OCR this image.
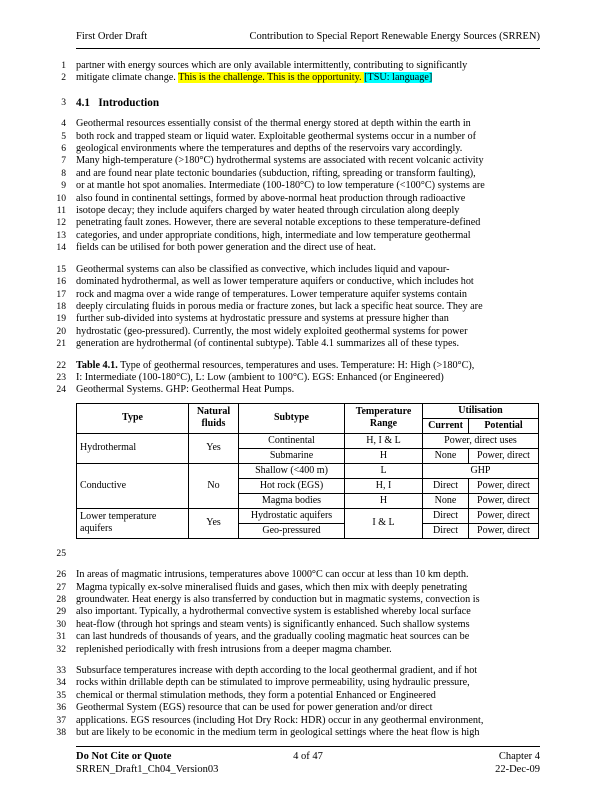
First Order Draft	Contribution to Special Report Renewable Energy Sources (SRREN)
1 partner with energy sources which are only available intermittently, contributing to significantly
2 mitigate climate change. This is the challenge. This is the opportunity. [TSU: language]
3 4.1   Introduction
4 Geothermal resources essentially consist of the thermal energy stored at depth within the earth in
5 both rock and trapped steam or liquid water. Exploitable geothermal systems occur in a number of
6 geological environments where the temperatures and depths of the reservoirs vary accordingly.
7 Many high-temperature (>180°C) hydrothermal systems are associated with recent volcanic activity
8 and are found near plate tectonic boundaries (subduction, rifting, spreading or transform faulting),
9 or at mantle hot spot anomalies. Intermediate (100-180°C) to low temperature (<100°C) systems are
10 also found in continental settings, formed by above-normal heat production through radioactive
11 isotope decay; they include aquifers charged by water heated through circulation along deeply
12 penetrating fault zones. However, there are several notable exceptions to these temperature-defined
13 categories, and under appropriate conditions, high, intermediate and low temperature geothermal
14 fields can be utilised for both power generation and the direct use of heat.
15 Geothermal systems can also be classified as convective, which includes liquid and vapour-
16 dominated hydrothermal, as well as lower temperature aquifers or conductive, which includes hot
17 rock and magma over a wide range of temperatures. Lower temperature aquifer systems contain
18 deeply circulating fluids in porous media or fracture zones, but lack a specific heat source. They are
19 further sub-divided into systems at hydrostatic pressure and systems at pressure higher than
20 hydrostatic (geo-pressured). Currently, the most widely exploited geothermal systems for power
21 generation are hydrothermal (of continental subtype). Table 4.1 summarizes all of these types.
22 Table 4.1. Type of geothermal resources, temperatures and uses. Temperature: H: High (>180°C),
23 I: Intermediate (100-180°C), L: Low (ambient to 100°C). EGS: Enhanced (or Engineered)
24 Geothermal Systems. GHP: Geothermal Heat Pumps.
Type	Natural fluids	Subtype	Temperature Range	Utilisation	
				Current	Potential
Hydrothermal	Yes	Continental	H, I & L	Power, direct uses	
		Submarine	H	None	Power, direct
Conductive	No	Shallow (<400 m)	L	GHP	
		Hot rock (EGS)	H, I	Direct	Power, direct
		Magma bodies	H	None	Power, direct
Lower temperature aquifers	Yes	Hydrostatic aquifers	I & L	Direct	Power, direct
		Geo-pressured		Direct	Power, direct
25
26 In areas of magmatic intrusions, temperatures above 1000°C can occur at less than 10 km depth.
27 Magma typically ex-solve mineralised fluids and gases, which then mix with deeply penetrating
28 groundwater. Heat energy is also transferred by conduction but in magmatic systems, convection is
29 also important. Typically, a hydrothermal convective system is established whereby local surface
30 heat-flow (through hot springs and steam vents) is significantly enhanced. Such shallow systems
31 can last hundreds of thousands of years, and the gradually cooling magmatic heat sources can be
32 replenished periodically with fresh intrusions from a deeper magma chamber.
33 Subsurface temperatures increase with depth according to the local geothermal gradient, and if hot
34 rocks within drillable depth can be stimulated to improve permeability, using hydraulic pressure,
35 chemical or thermal stimulation methods, they form a potential Enhanced or Engineered
36 Geothermal System (EGS) resource that can be used for power generation and/or direct
37 applications. EGS resources (including Hot Dry Rock: HDR) occur in any geothermal environment,
38 but are likely to be economic in the medium term in geological settings where the heat flow is high
Do Not Cite or Quote	4 of 47	Chapter 4
SRREN_Draft1_Ch04_Version03	22-Dec-09
